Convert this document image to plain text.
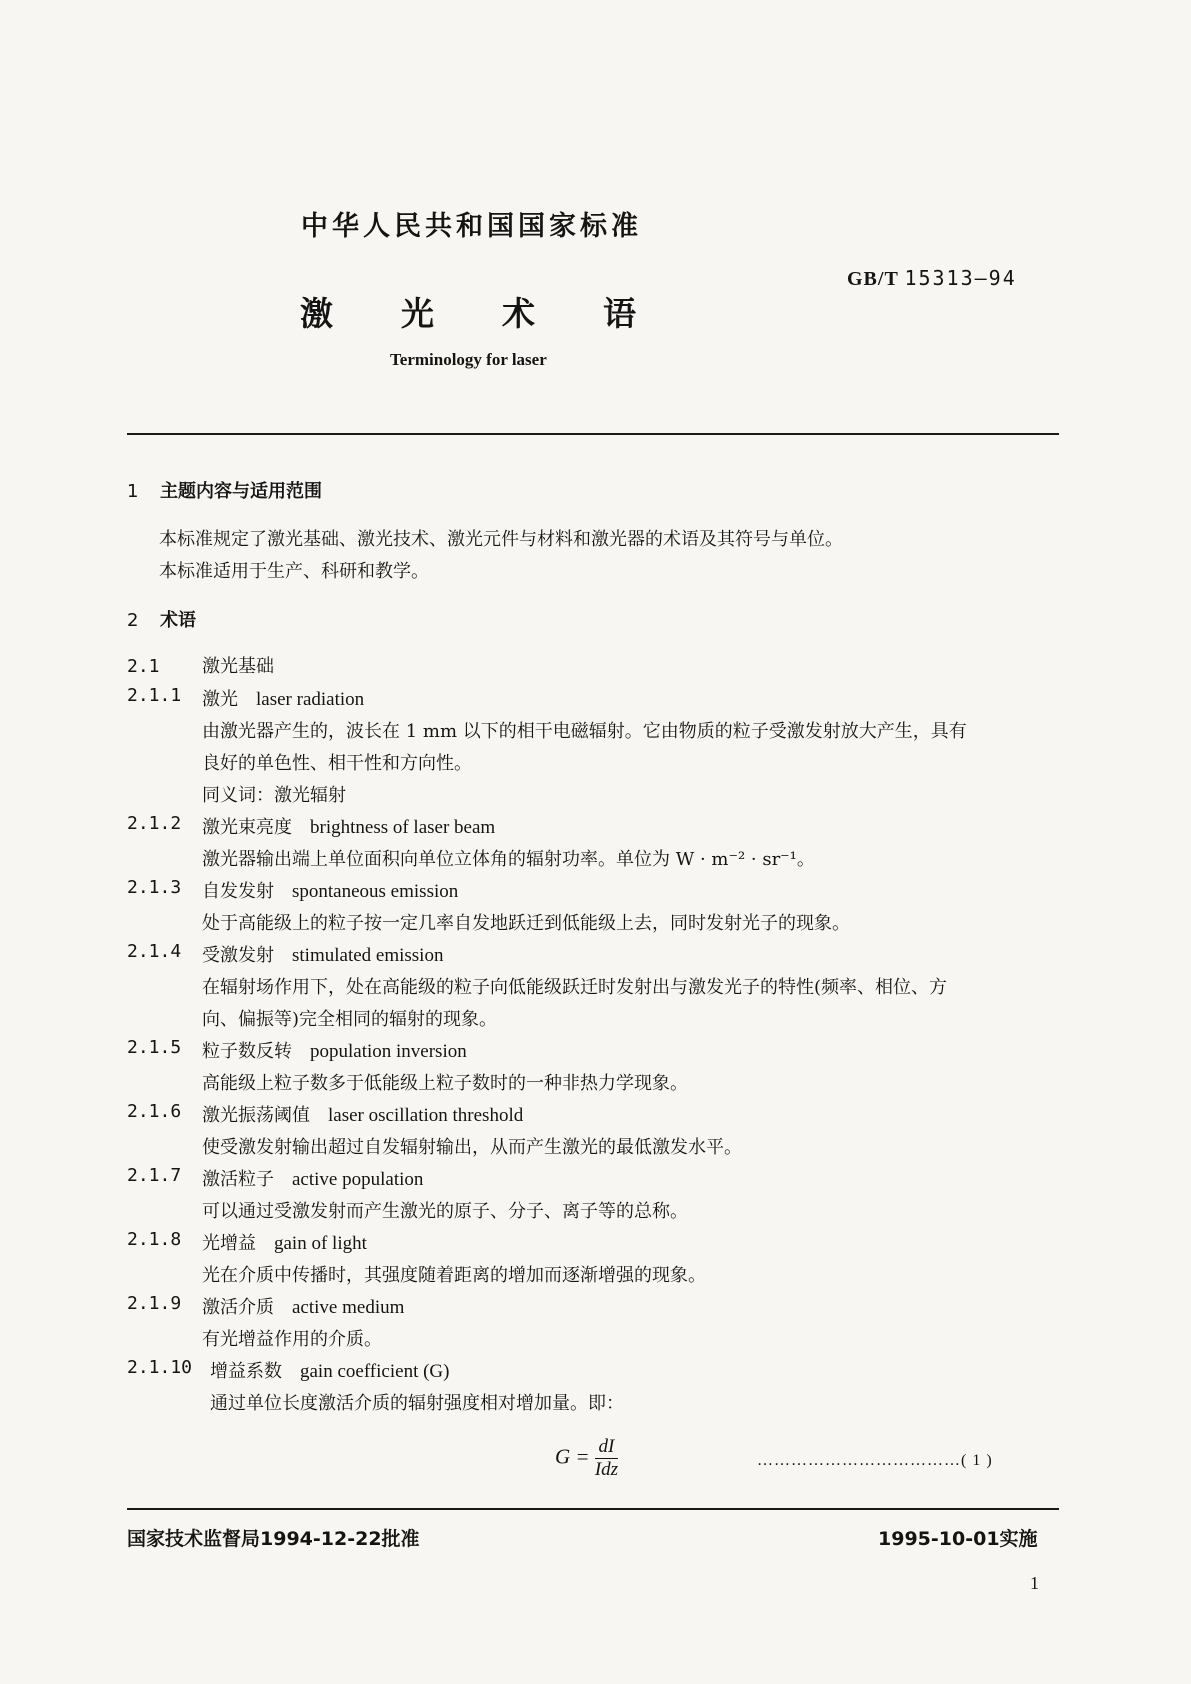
中华人民共和国国家标准
GB/T 15313—94
激 光 术 语
Terminology for laser
1 主题内容与适用范围
本标准规定了激光基础、激光技术、激光元件与材料和激光器的术语及其符号与单位。
本标准适用于生产、科研和教学。
2 术语
2.1 激光基础
2.1.1 激光 laser radiation
由激光器产生的，波长在 1 mm 以下的相干电磁辐射。它由物质的粒子受激发射放大产生，具有
良好的单色性、相干性和方向性。
同义词：激光辐射
2.1.2 激光束亮度 brightness of laser beam
激光器输出端上单位面积向单位立体角的辐射功率。单位为 W · m⁻² · sr⁻¹。
2.1.3 自发发射 spontaneous emission
处于高能级上的粒子按一定几率自发地跃迁到低能级上去，同时发射光子的现象。
2.1.4 受激发射 stimulated emission
在辐射场作用下，处在高能级的粒子向低能级跃迁时发射出与激发光子的特性(频率、相位、方
向、偏振等)完全相同的辐射的现象。
2.1.5 粒子数反转 population inversion
高能级上粒子数多于低能级上粒子数时的一种非热力学现象。
2.1.6 激光振荡阈值 laser oscillation threshold
使受激发射输出超过自发辐射输出，从而产生激光的最低激发水平。
2.1.7 激活粒子 active population
可以通过受激发射而产生激光的原子、分子、离子等的总称。
2.1.8 光增益 gain of light
光在介质中传播时，其强度随着距离的增加而逐渐增强的现象。
2.1.9 激活介质 active medium
有光增益作用的介质。
2.1.10 增益系数 gain coefficient (G)
通过单位长度激活介质的辐射强度相对增加量。即：
$G = \frac{dI}{\text{Idz}}$	………………………………( 1 )
国家技术监督局1994-12-22批准	1995-10-01实施
1
